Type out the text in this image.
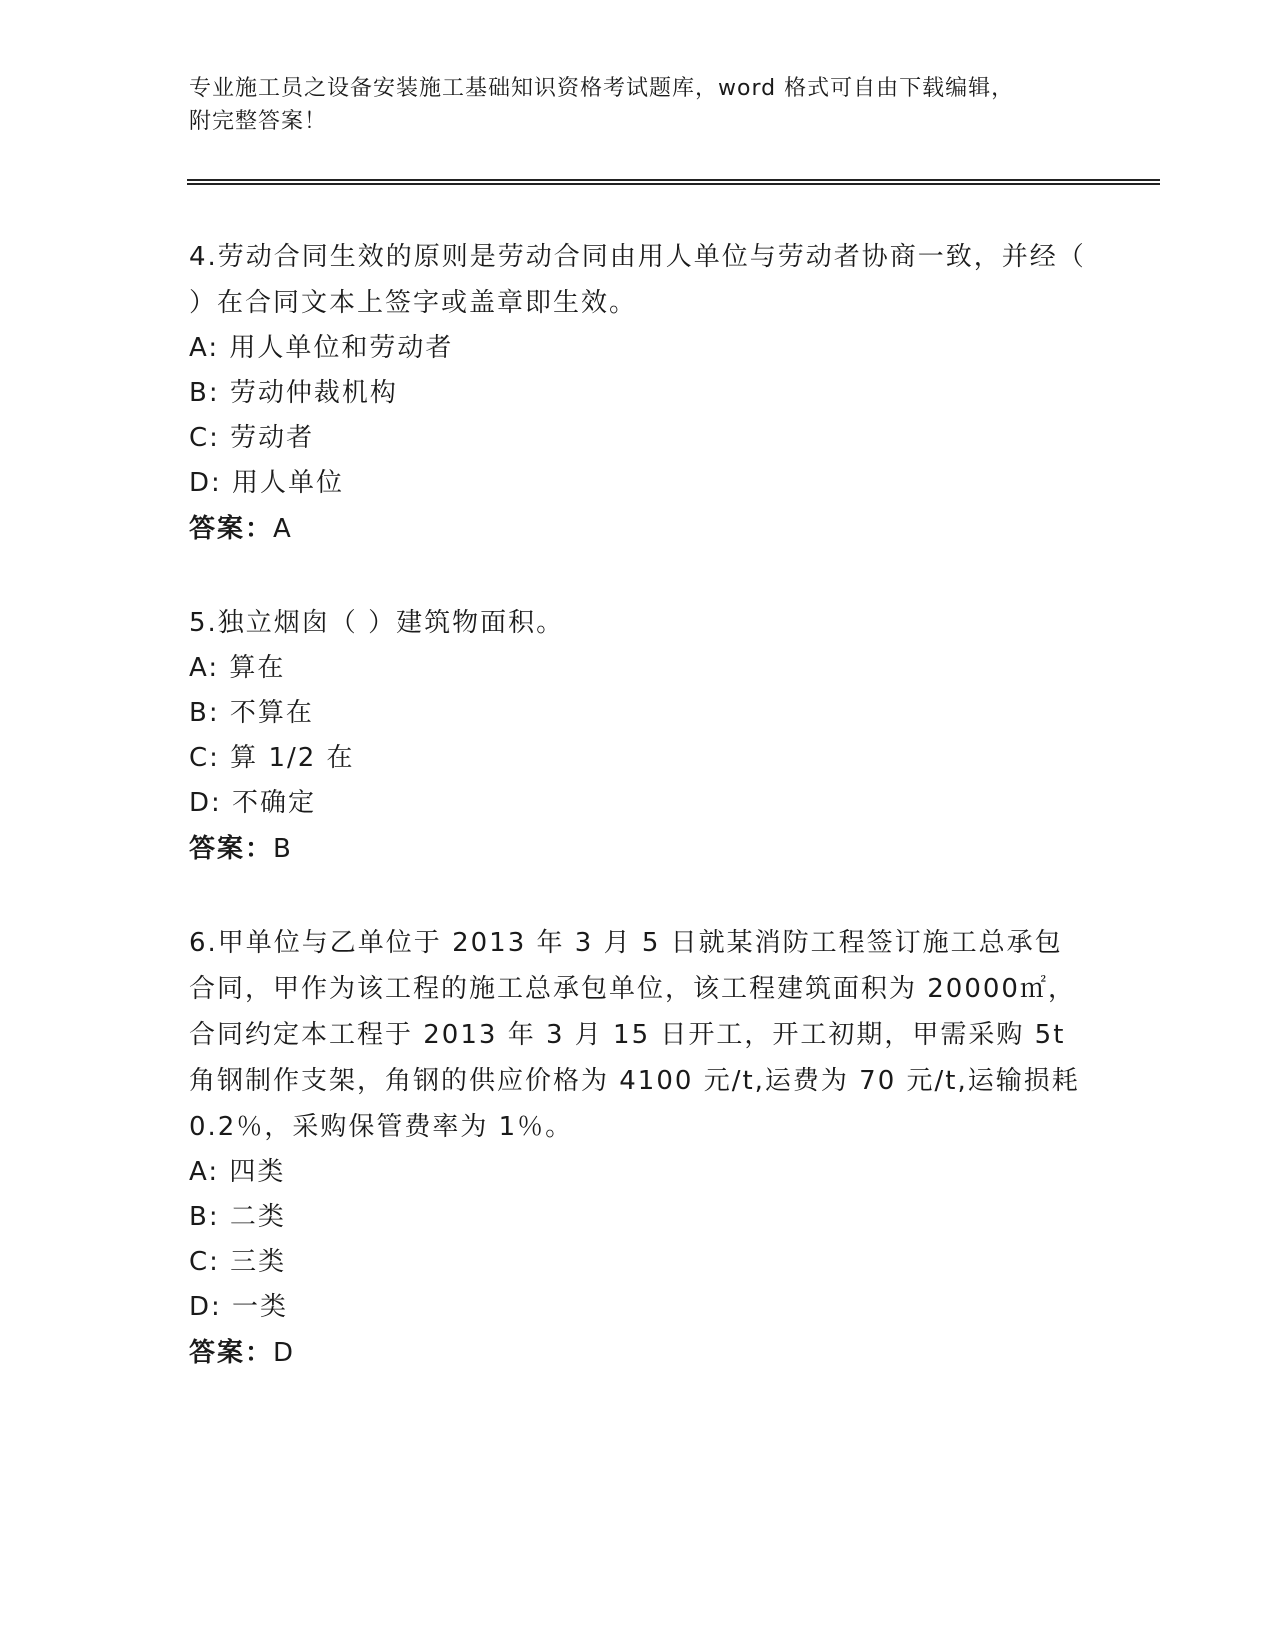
专业施工员之设备安装施工基础知识资格考试题库，word 格式可自由下载编辑，
附完整答案！

4.劳动合同生效的原则是劳动合同由用人单位与劳动者协商一致，并经（ ）在合同文本上签字或盖章即生效。

A: 用人单位和劳动者

B: 劳动仲裁机构

C: 劳动者

D: 用人单位

答案：A

5.独立烟囱（ ）建筑物面积。

A: 算在

B: 不算在

C: 算 1/2 在

D: 不确定

答案：B

6.甲单位与乙单位于 2013 年 3 月 5 日就某消防工程签订施工总承包合同，甲作为该工程的施工总承包单位，该工程建筑面积为 20000㎡，合同约定本工程于 2013 年 3 月 15 日开工，开工初期，甲需采购 5t 角钢制作支架，角钢的供应价格为 4100 元/t,运费为 70 元/t,运输损耗 0.2％，采购保管费率为 1％。

A: 四类

B: 二类

C: 三类

D: 一类

答案：D
